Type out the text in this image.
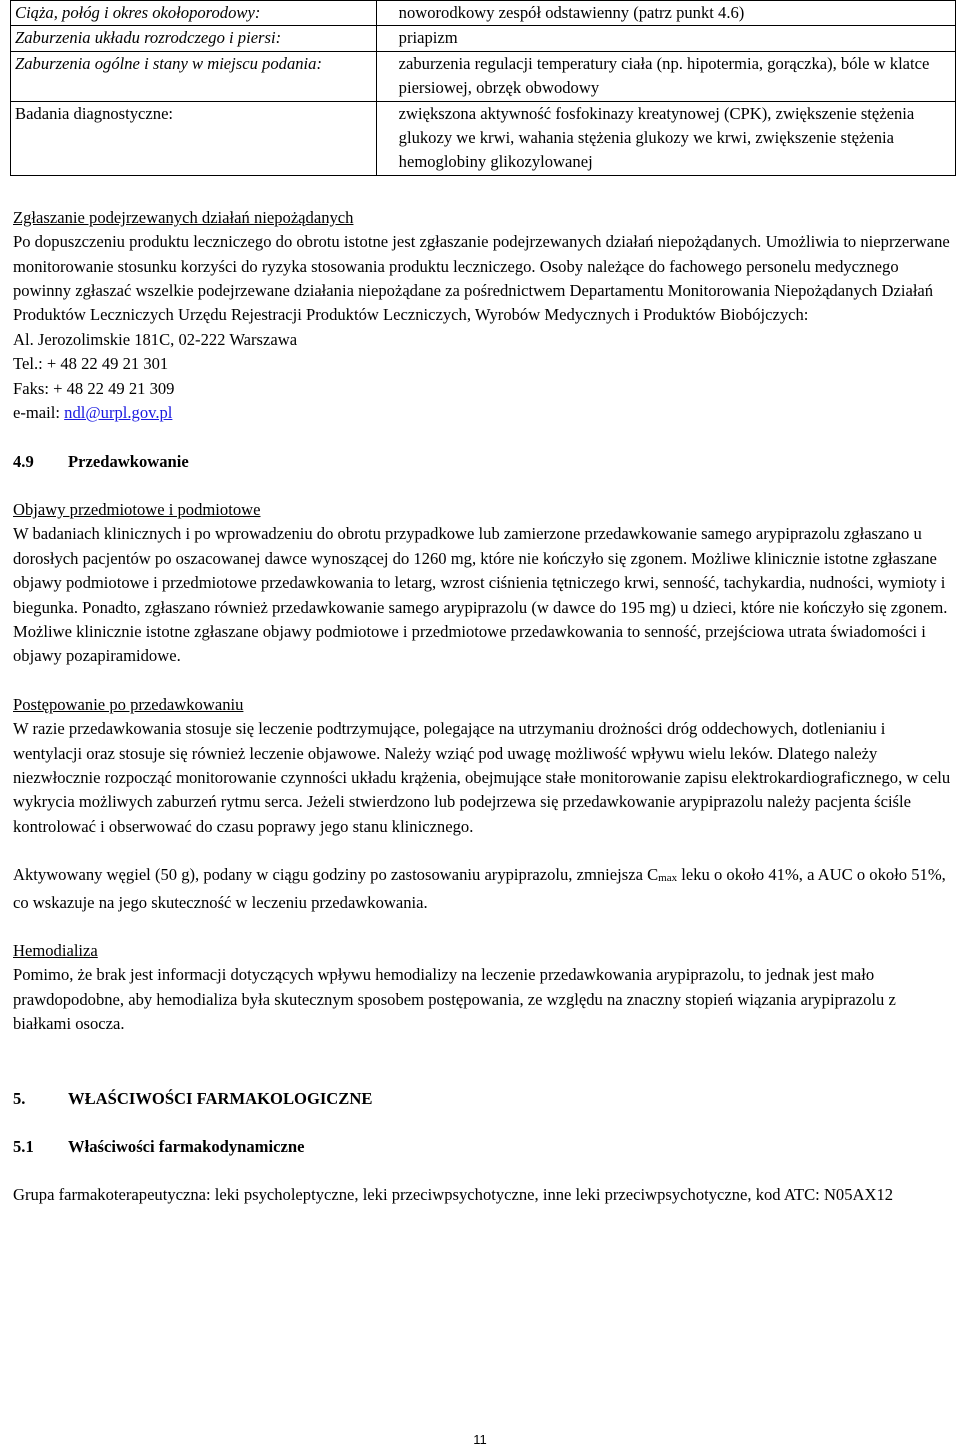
Ciąża, połóg i okres okołoporodowy:	noworodkowy zespół odstawienny (patrz punkt 4.6)
Zaburzenia układu rozrodczego i piersi:	priapizm
Zaburzenia ogólne i stany w miejscu podania:	zaburzenia regulacji temperatury ciała (np. hipotermia, gorączka), bóle w klatce piersiowej, obrzęk obwodowy
Badania diagnostyczne:	zwiększona aktywność fosfokinazy kreatynowej (CPK), zwiększenie stężenia glukozy we krwi, wahania stężenia glukozy we krwi, zwiększenie stężenia hemoglobiny glikozylowanej

Zgłaszanie podejrzewanych działań niepożądanych

Po dopuszczeniu produktu leczniczego do obrotu istotne jest zgłaszanie podejrzewanych działań niepożądanych. Umożliwia to nieprzerwane monitorowanie stosunku korzyści do ryzyka stosowania produktu leczniczego. Osoby należące do fachowego personelu medycznego powinny zgłaszać wszelkie podejrzewane działania niepożądane za pośrednictwem Departamentu Monitorowania Niepożądanych Działań Produktów Leczniczych Urzędu Rejestracji Produktów Leczniczych, Wyrobów Medycznych i Produktów Biobójczych:

Al. Jerozolimskie 181C, 02-222 Warszawa

Tel.: + 48 22 49 21 301

Faks: + 48 22 49 21 309

e-mail: ndl@urpl.gov.pl

4.9 Przedawkowanie

Objawy przedmiotowe i podmiotowe

W badaniach klinicznych i po wprowadzeniu do obrotu przypadkowe lub zamierzone przedawkowanie samego arypiprazolu zgłaszano u dorosłych pacjentów po oszacowanej dawce wynoszącej do 1260 mg, które nie kończyło się zgonem. Możliwe klinicznie istotne zgłaszane objawy podmiotowe i przedmiotowe przedawkowania to letarg, wzrost ciśnienia tętniczego krwi, senność, tachykardia, nudności, wymioty i biegunka. Ponadto, zgłaszano również przedawkowanie samego arypiprazolu (w dawce do 195 mg) u dzieci, które nie kończyło się zgonem. Możliwe klinicznie istotne zgłaszane objawy podmiotowe i przedmiotowe przedawkowania to senność, przejściowa utrata świadomości i objawy pozapiramidowe.

Postępowanie po przedawkowaniu

W razie przedawkowania stosuje się leczenie podtrzymujące, polegające na utrzymaniu drożności dróg oddechowych, dotlenianiu i wentylacji oraz stosuje się również leczenie objawowe. Należy wziąć pod uwagę możliwość wpływu wielu leków. Dlatego należy niezwłocznie rozpocząć monitorowanie czynności układu krążenia, obejmujące stałe monitorowanie zapisu elektrokardiograficznego, w celu wykrycia możliwych zaburzeń rytmu serca. Jeżeli stwierdzono lub podejrzewa się przedawkowanie arypiprazolu należy pacjenta ściśle kontrolować i obserwować do czasu poprawy jego stanu klinicznego.

Aktywowany węgiel (50 g), podany w ciągu godziny po zastosowaniu arypiprazolu, zmniejsza Cmax leku o około 41%, a AUC o około 51%, co wskazuje na jego skuteczność w leczeniu przedawkowania.

Hemodializa

Pomimo, że brak jest informacji dotyczących wpływu hemodializy na leczenie przedawkowania arypiprazolu, to jednak jest mało prawdopodobne, aby hemodializa była skutecznym sposobem postępowania, ze względu na znaczny stopień wiązania arypiprazolu z białkami osocza.

5.	WŁAŚCIWOŚCI FARMAKOLOGICZNE

5.1 Właściwości farmakodynamiczne

Grupa farmakoterapeutyczna: leki psycholeptyczne, leki przeciwpsychotyczne, inne leki przeciwpsychotyczne, kod ATC: N05AX12

11
